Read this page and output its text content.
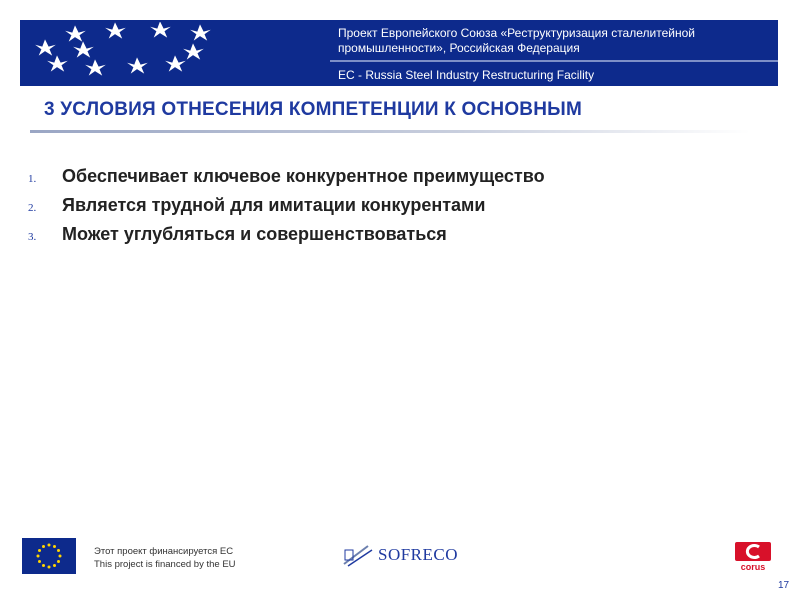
Проект Европейского Союза «Реструктуризация сталелитейной промышленности», Российская Федерация
EC - Russia Steel Industry Restructuring Facility
3 УСЛОВИЯ ОТНЕСЕНИЯ КОМПЕТЕНЦИИ К ОСНОВНЫМ
1.	Обеспечивает ключевое конкурентное преимущество
2.	Является трудной для имитации конкурентами
3.	Может углубляться и совершенствоваться
Этот проект финансируется ЕС
This project is financed by the EU
SOFRECO
corus
17
